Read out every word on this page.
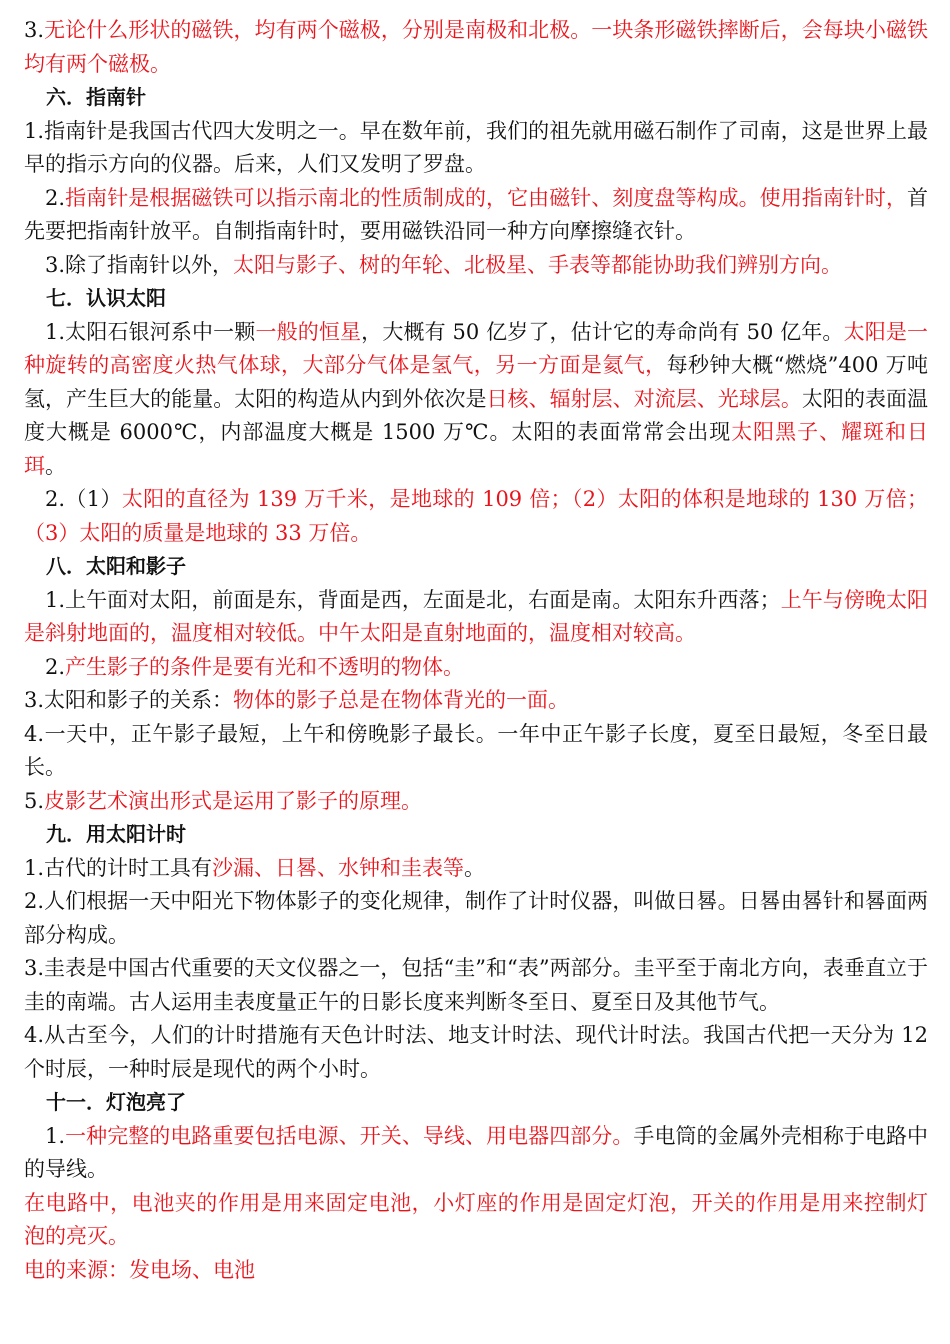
3.无论什么形状的磁铁，均有两个磁极，分别是南极和北极。一块条形磁铁摔断后，会每块小磁铁均有两个磁极。

六．指南针

1.指南针是我国古代四大发明之一。早在数年前，我们的祖先就用磁石制作了司南，这是世界上最早的指示方向的仪器。后来，人们又发明了罗盘。

2.指南针是根据磁铁可以指示南北的性质制成的，它由磁针、刻度盘等构成。使用指南针时，首先要把指南针放平。自制指南针时，要用磁铁沿同一种方向摩擦缝衣针。

3.除了指南针以外，太阳与影子、树的年轮、北极星、手表等都能协助我们辨别方向。

七．认识太阳

1.太阳石银河系中一颗一般的恒星，大概有 50 亿岁了，估计它的寿命尚有 50 亿年。太阳是一种旋转的高密度火热气体球，大部分气体是氢气，另一方面是氦气，每秒钟大概“燃烧”400 万吨氢，产生巨大的能量。太阳的构造从内到外依次是日核、辐射层、对流层、光球层。太阳的表面温度大概是 6000℃，内部温度大概是 1500 万℃。太阳的表面常常会出现太阳黑子、耀斑和日珥。

2.（1）太阳的直径为 139 万千米，是地球的 109 倍；（2）太阳的体积是地球的 130 万倍；（3）太阳的质量是地球的 33 万倍。

八．太阳和影子

1.上午面对太阳，前面是东，背面是西，左面是北，右面是南。太阳东升西落；上午与傍晚太阳是斜射地面的，温度相对较低。中午太阳是直射地面的，温度相对较高。

2.产生影子的条件是要有光和不透明的物体。

3.太阳和影子的关系：物体的影子总是在物体背光的一面。

4.一天中，正午影子最短，上午和傍晚影子最长。一年中正午影子长度，夏至日最短，冬至日最长。

5.皮影艺术演出形式是运用了影子的原理。

九．用太阳计时

1.古代的计时工具有沙漏、日晷、水钟和圭表等。

2.人们根据一天中阳光下物体影子的变化规律，制作了计时仪器，叫做日晷。日晷由晷针和晷面两部分构成。

3.圭表是中国古代重要的天文仪器之一，包括“圭”和“表”两部分。圭平至于南北方向，表垂直立于圭的南端。古人运用圭表度量正午的日影长度来判断冬至日、夏至日及其他节气。

4.从古至今，人们的计时措施有天色计时法、地支计时法、现代计时法。我国古代把一天分为 12 个时辰，一种时辰是现代的两个小时。

十一．灯泡亮了

1.一种完整的电路重要包括电源、开关、导线、用电器四部分。手电筒的金属外壳相称于电路中的导线。

在电路中，电池夹的作用是用来固定电池，小灯座的作用是固定灯泡，开关的作用是用来控制灯 泡的亮灭。

电的来源：发电场、电池
